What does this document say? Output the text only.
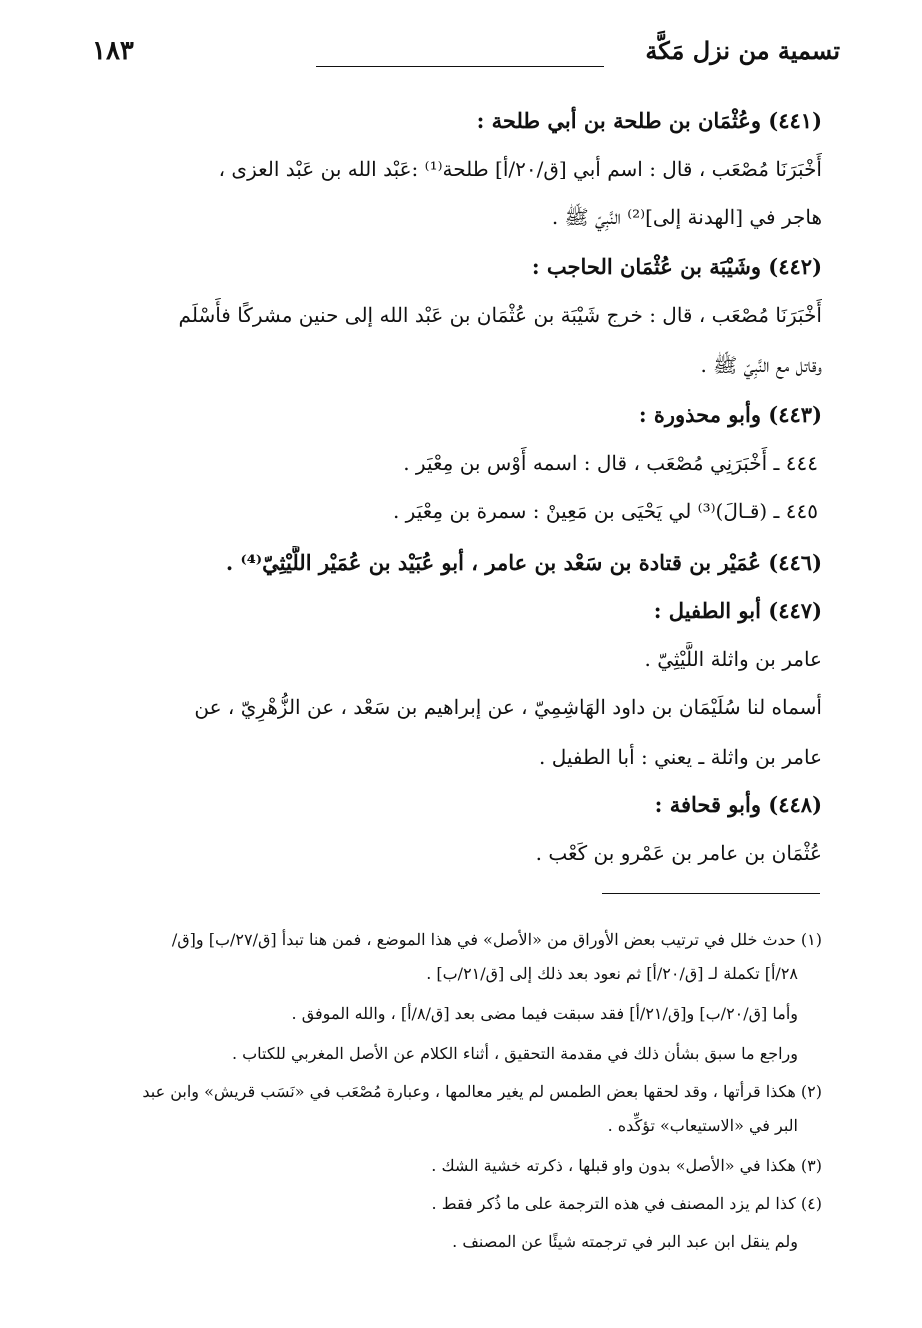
تسمية من نزل مَكَّة
١٨٣
(٤٤١) وعُثْمَان بن طلحة بن أبي طلحة :
أَخْبَرَنَا مُصْعَب ، قال : اسم أبي [ق/٢٠/أ] طلحة⁽¹⁾ :عَبْد الله بن عَبْد العزى ،
هاجر في [الهدنة إلى]⁽²⁾ النَّبِيّ ﷺ .
(٤٤٢) وشَيْبَة بن عُثْمَان الحاجب :
أَخْبَرَنَا مُصْعَب ، قال : خرج شَيْبَة بن عُثْمَان بن عَبْد الله إلى حنين مشركًا فأَسْلَم
وقاتل مع النَّبِيّ ﷺ .
(٤٤٣) وأبو محذورة :
٤٤٤ ـ أَخْبَرَنِي مُصْعَب ، قال : اسمه أَوْس بن مِعْيَر .
٤٤٥ ـ (قـالَ)⁽³⁾ لي يَحْيَى بن مَعِينْ : سمرة بن مِعْيَر .
(٤٤٦) عُمَيْر بن قتادة بن سَعْد بن عامر ، أبو عُبَيْد بن عُمَيْر اللَّيْثِيّ⁽⁴⁾ .
(٤٤٧) أبو الطفيل :
عامر بن واثلة اللَّيْثِيّ .
أسماه لنا سُلَيْمَان بن داود الهَاشِمِيّ ، عن إبراهيم بن سَعْد ، عن الزُّهْرِيّ ، عن
عامر بن واثلة ـ يعني : أبا الطفيل .
(٤٤٨) وأبو قحافة :
عُثْمَان بن عامر بن عَمْرو بن كَعْب .
(١) حدث خلل في ترتيب بعض الأوراق من «الأصل» في هذا الموضع ، فمن هنا تبدأ [ق/٢٧/ب] و[ق/
٢٨/أ] تكملة لـ [ق/٢٠/أ] ثم نعود بعد ذلك إلى [ق/٢١/ب] .
وأما [ق/٢٠/ب] و[ق/٢١/أ] فقد سبقت فيما مضى بعد [ق/٨/أ] ، والله الموفق .
وراجع ما سبق بشأن ذلك في مقدمة التحقيق ، أثناء الكلام عن الأصل المغربي للكتاب .
(٢) هكذا قرأتها ، وقد لحقها بعض الطمس لم يغير معالمها ، وعبارة مُصْعَب في «نَسَب قريش» وابن عبد
البر في «الاستيعاب» تؤكِّده .
(٣) هكذا في «الأصل» بدون واو قبلها ، ذكرته خشية الشك .
(٤) كذا لم يزد المصنف في هذه الترجمة على ما ذُكر فقط .
ولم ينقل ابن عبد البر في ترجمته شيئًا عن المصنف .
